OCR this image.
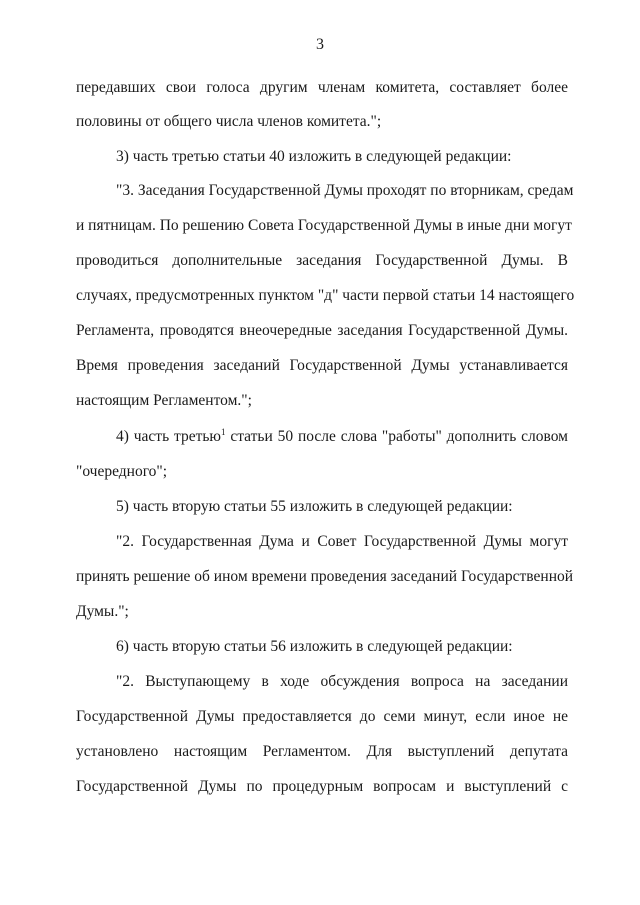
3
передавших свои голоса другим членам комитета, составляет более
половины от общего числа членов комитета.";
3) часть третью статьи 40 изложить в следующей редакции:
"3. Заседания Государственной Думы проходят по вторникам, средам
и пятницам. По решению Совета Государственной Думы в иные дни могут
проводиться дополнительные заседания Государственной Думы. В
случаях, предусмотренных пунктом "д" части первой статьи 14 настоящего
Регламента, проводятся внеочередные заседания Государственной Думы.
Время проведения заседаний Государственной Думы устанавливается
настоящим Регламентом.";
4) часть третью$^1$ статьи 50 после слова "работы" дополнить словом
"очередного";
5) часть вторую статьи 55 изложить в следующей редакции:
"2. Государственная Дума и Совет Государственной Думы могут
принять решение об ином времени проведения заседаний Государственной
Думы.";
6) часть вторую статьи 56 изложить в следующей редакции:
"2. Выступающему в ходе обсуждения вопроса на заседании
Государственной Думы предоставляется до семи минут, если иное не
установлено настоящим Регламентом. Для выступлений депутата
Государственной Думы по процедурным вопросам и выступлений с
